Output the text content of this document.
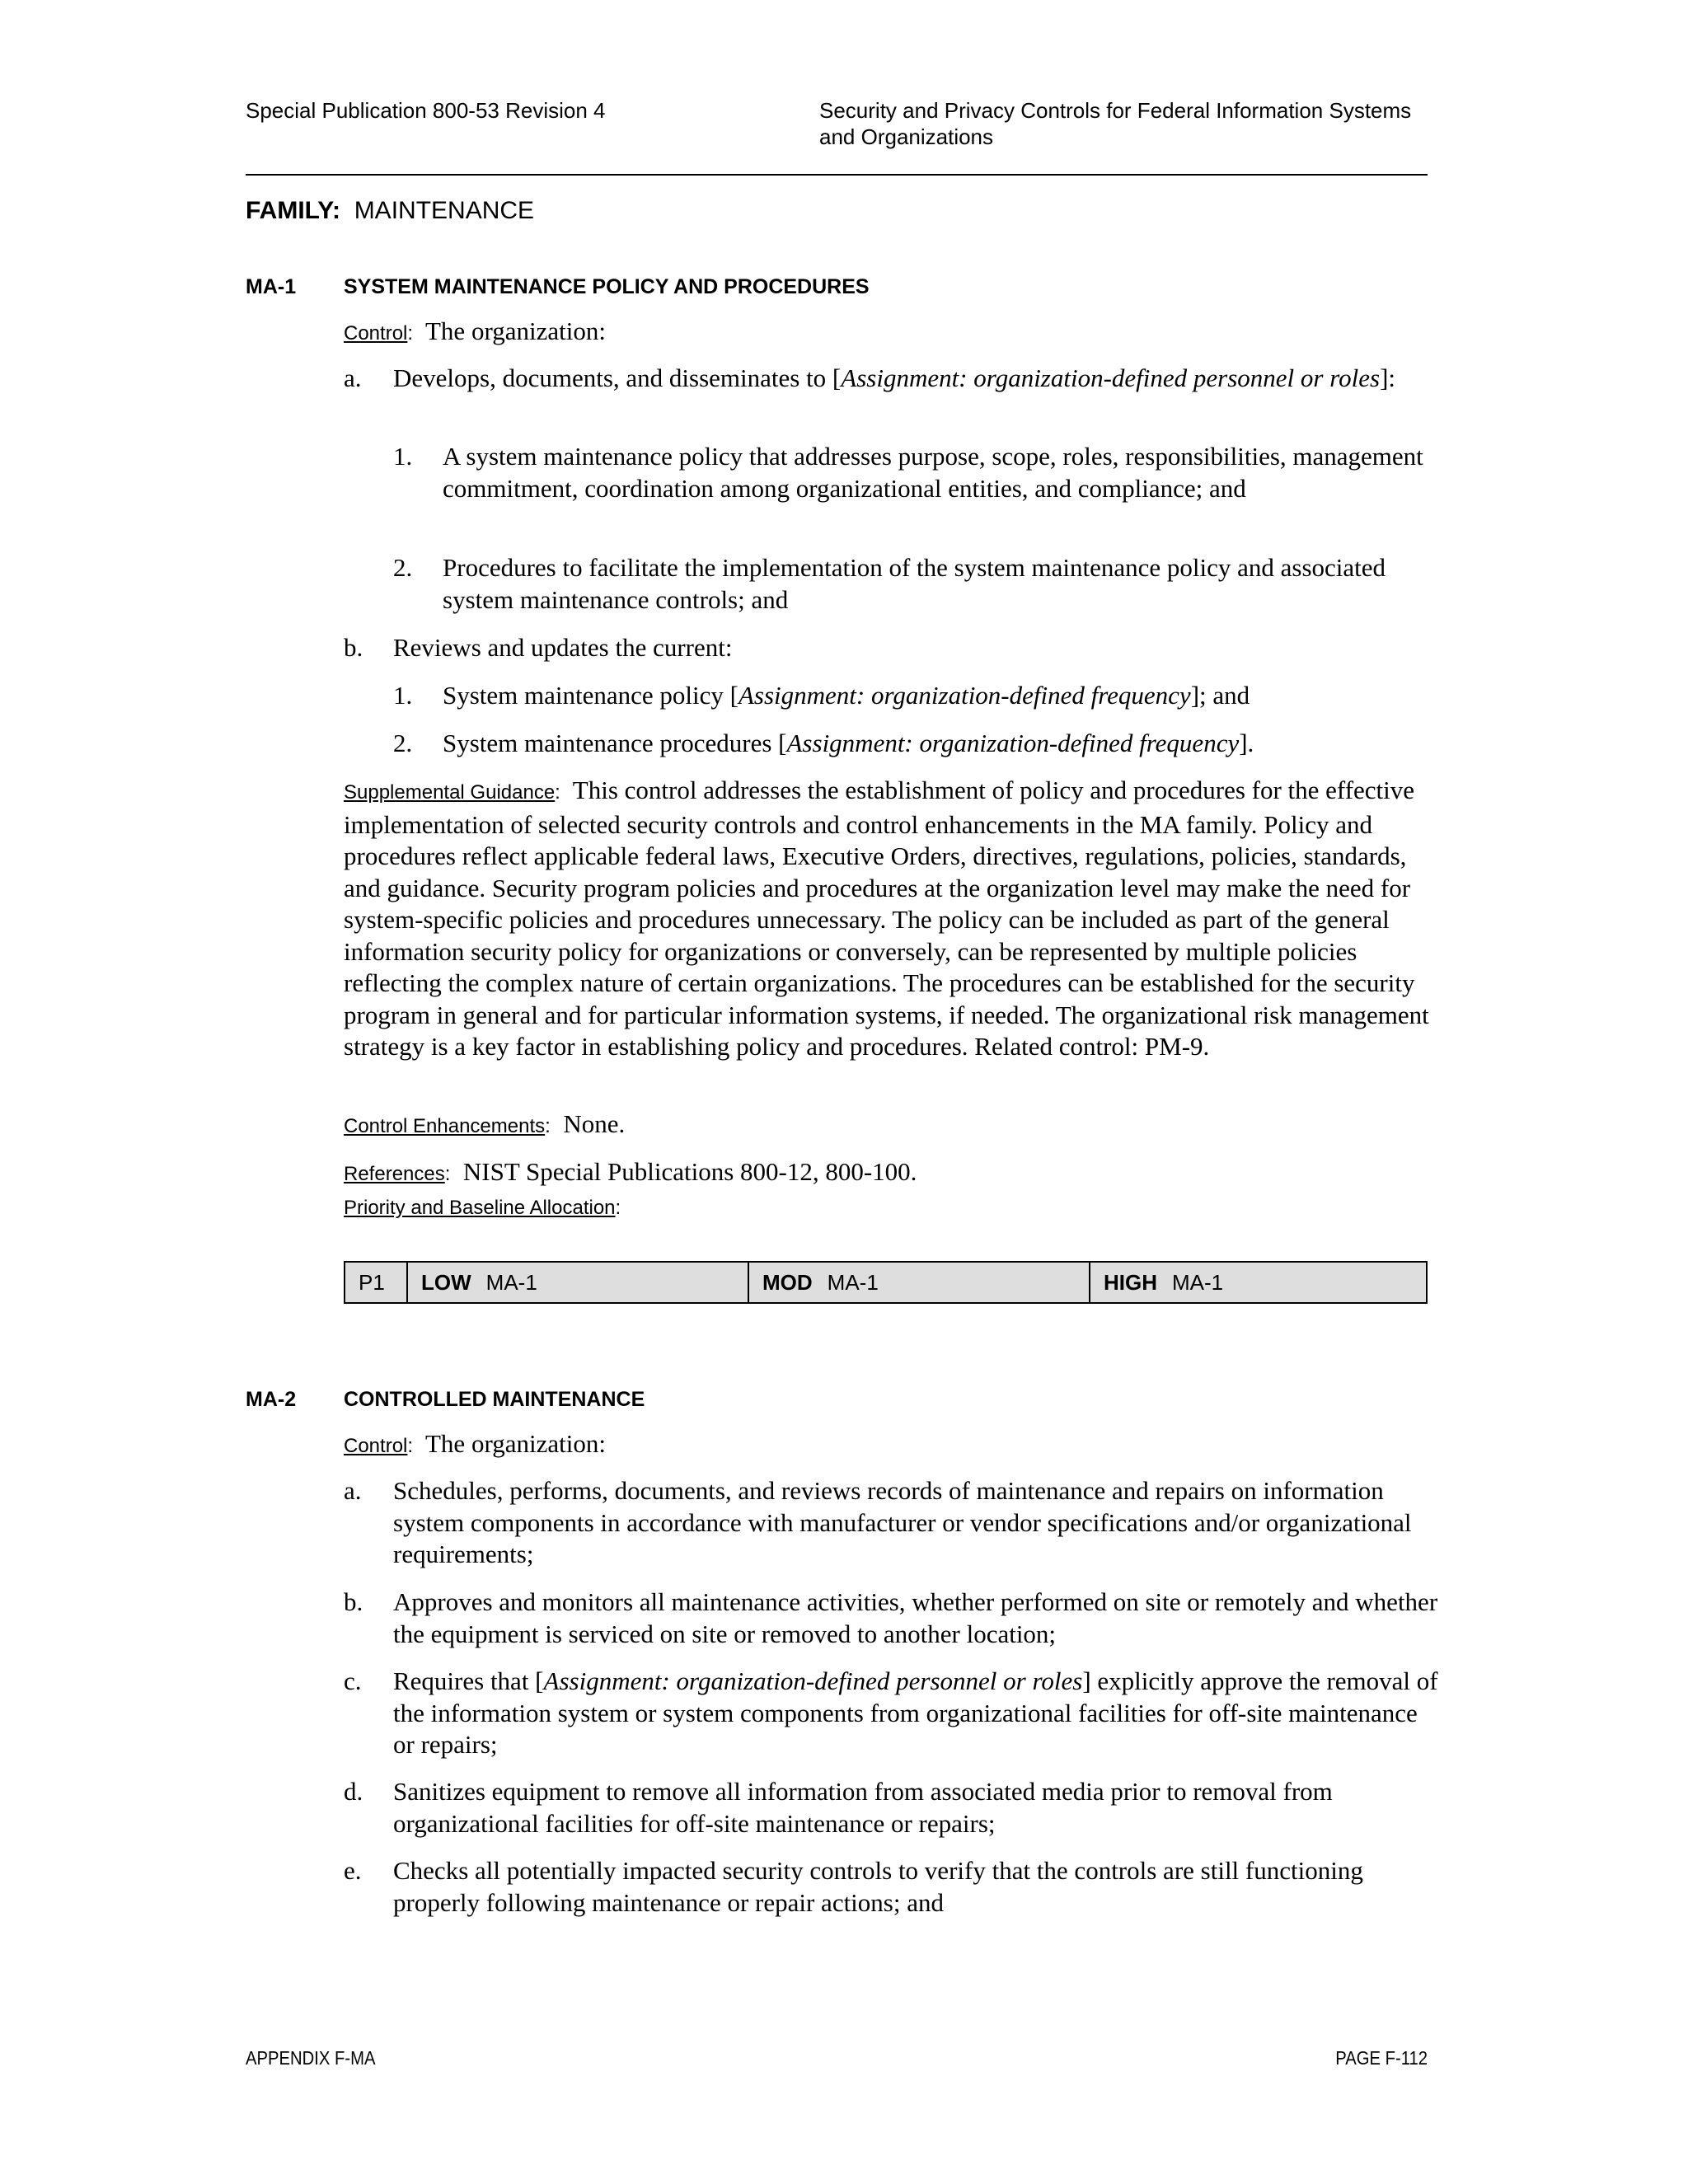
Special Publication 800-53 Revision 4	Security and Privacy Controls for Federal Information Systems
and Organizations
FAMILY: MAINTENANCE
MA-1 SYSTEM MAINTENANCE POLICY AND PROCEDURES
Control: The organization:
a. Develops, documents, and disseminates to [Assignment: organization-defined personnel or roles]:
1. A system maintenance policy that addresses purpose, scope, roles, responsibilities, management commitment, coordination among organizational entities, and compliance; and
2. Procedures to facilitate the implementation of the system maintenance policy and associated system maintenance controls; and
b. Reviews and updates the current:
1. System maintenance policy [Assignment: organization-defined frequency]; and
2. System maintenance procedures [Assignment: organization-defined frequency].
Supplemental Guidance: This control addresses the establishment of policy and procedures for the effective implementation of selected security controls and control enhancements in the MA family. Policy and procedures reflect applicable federal laws, Executive Orders, directives, regulations, policies, standards, and guidance. Security program policies and procedures at the organization level may make the need for system-specific policies and procedures unnecessary. The policy can be included as part of the general information security policy for organizations or conversely, can be represented by multiple policies reflecting the complex nature of certain organizations. The procedures can be established for the security program in general and for particular information systems, if needed. The organizational risk management strategy is a key factor in establishing policy and procedures. Related control: PM-9.
Control Enhancements: None.
References: NIST Special Publications 800-12, 800-100.
Priority and Baseline Allocation:
P1	LOW MA-1	MOD MA-1	HIGH MA-1
MA-2 CONTROLLED MAINTENANCE
Control: The organization:
a. Schedules, performs, documents, and reviews records of maintenance and repairs on information system components in accordance with manufacturer or vendor specifications and/or organizational requirements;
b. Approves and monitors all maintenance activities, whether performed on site or remotely and whether the equipment is serviced on site or removed to another location;
c. Requires that [Assignment: organization-defined personnel or roles] explicitly approve the removal of the information system or system components from organizational facilities for off-site maintenance or repairs;
d. Sanitizes equipment to remove all information from associated media prior to removal from organizational facilities for off-site maintenance or repairs;
e. Checks all potentially impacted security controls to verify that the controls are still functioning properly following maintenance or repair actions; and
APPENDIX F-MA	PAGE F-112
